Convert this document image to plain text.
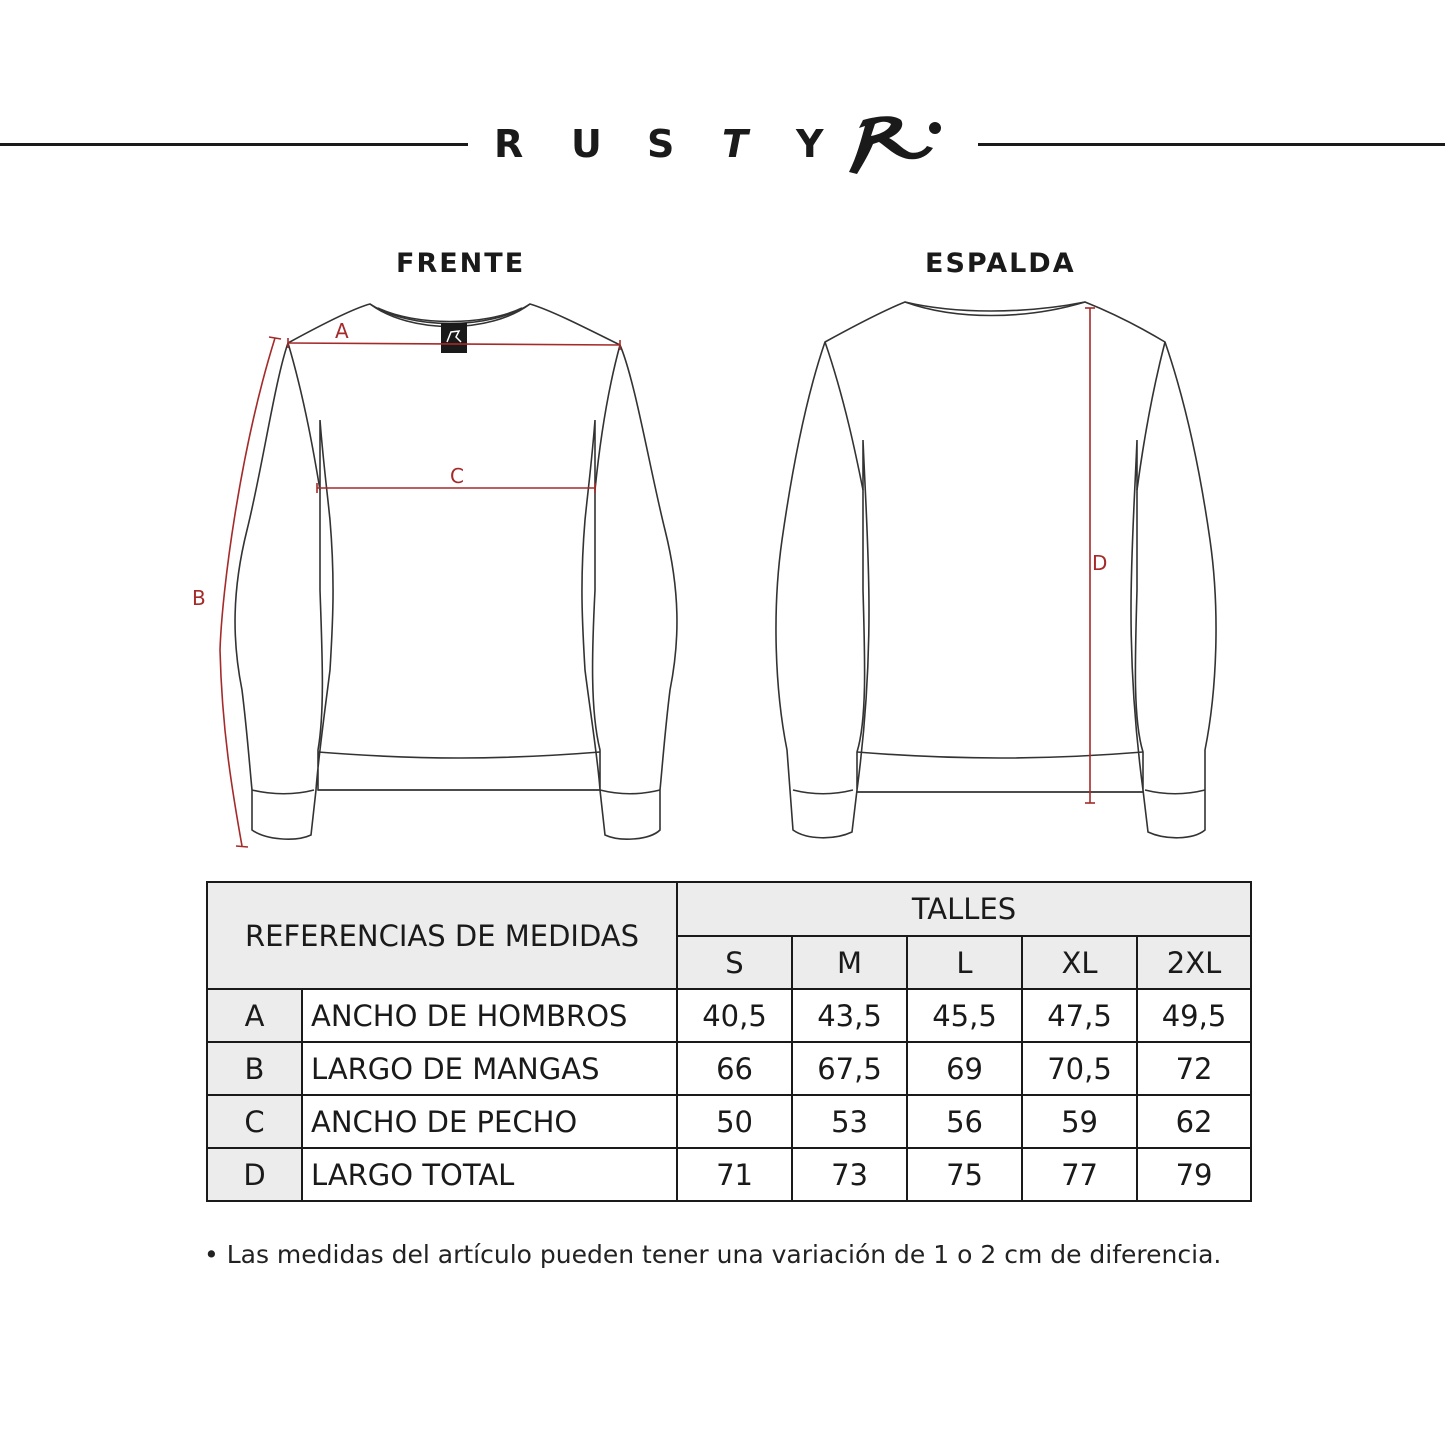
R U S T Y
FRENTE	ESPALDA
A
C
B
D
REFERENCIAS DE MEDIDAS		TALLES				
		S	M	L	XL	2XL
A	ANCHO DE HOMBROS	40,5	43,5	45,5	47,5	49,5
B	LARGO DE MANGAS	66	67,5	69	70,5	72
C	ANCHO DE PECHO	50	53	56	59	62
D	LARGO TOTAL	71	73	75	77	79
• Las medidas del artículo pueden tener una variación de 1 o 2 cm de diferencia.
